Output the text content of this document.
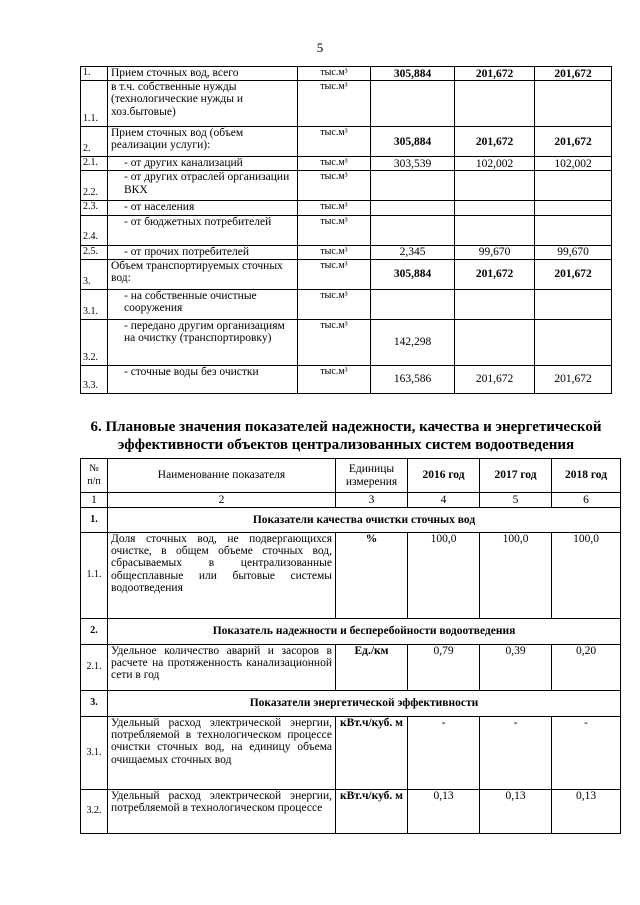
5
1.	Прием сточных вод, всего	тыс.м³	305,884	201,672	201,672
1.1.	в т.ч. собственные нужды (технологические нужды и хоз.бытовые)	тыс.м³			
2.	Прием сточных вод (объем реализации услуги):	тыс.м³	305,884	201,672	201,672
2.1.	- от других канализаций	тыс.м³	303,539	102,002	102,002
2.2.	- от других отраслей организации ВКХ	тыс.м³			
2.3.	- от населения	тыс.м³			
2.4.	- от бюджетных потребителей	тыс.м³			
2.5.	- от прочих потребителей	тыс.м³	2,345	99,670	99,670
3.	Объем транспортируемых сточных вод:	тыс.м³	305,884	201,672	201,672
3.1.	- на собственные очистные сооружения	тыс.м³			
3.2.	- передано другим организациям на очистку (транспортировку)	тыс.м³	142,298		
3.3.	- сточные воды без очистки	тыс.м³	163,586	201,672	201,672
6. Плановые значения показателей надежности, качества и энергетической эффективности объектов централизованных систем водоотведения
№ п/п	Наименование показателя	Единицы измерения	2016 год	2017 год	2018 год
1	2	3	4	5	6
1.	Показатели качества очистки сточных вод				
1.1.	Доля сточных вод, не подвергающихся очистке, в общем объеме сточных вод, сбрасываемых в централизованные общесплавные или бытовые системы водоотведения	%	100,0	100,0	100,0
2.	Показатель надежности и бесперебойности водоотведения				
2.1.	Удельное количество аварий и засоров в расчете на протяженность канализационной сети в год	Ед./км	0,79	0,39	0,20
3.	Показатели энергетической эффективности				
3.1.	Удельный расход электрической энергии, потребляемой в технологическом процессе очистки сточных вод, на единицу объема очищаемых сточных вод	кВт.ч/куб. м	-	-	-
3.2.	Удельный расход электрической энергии, потребляемой в технологическом процессе	кВт.ч/куб. м	0,13	0,13	0,13
